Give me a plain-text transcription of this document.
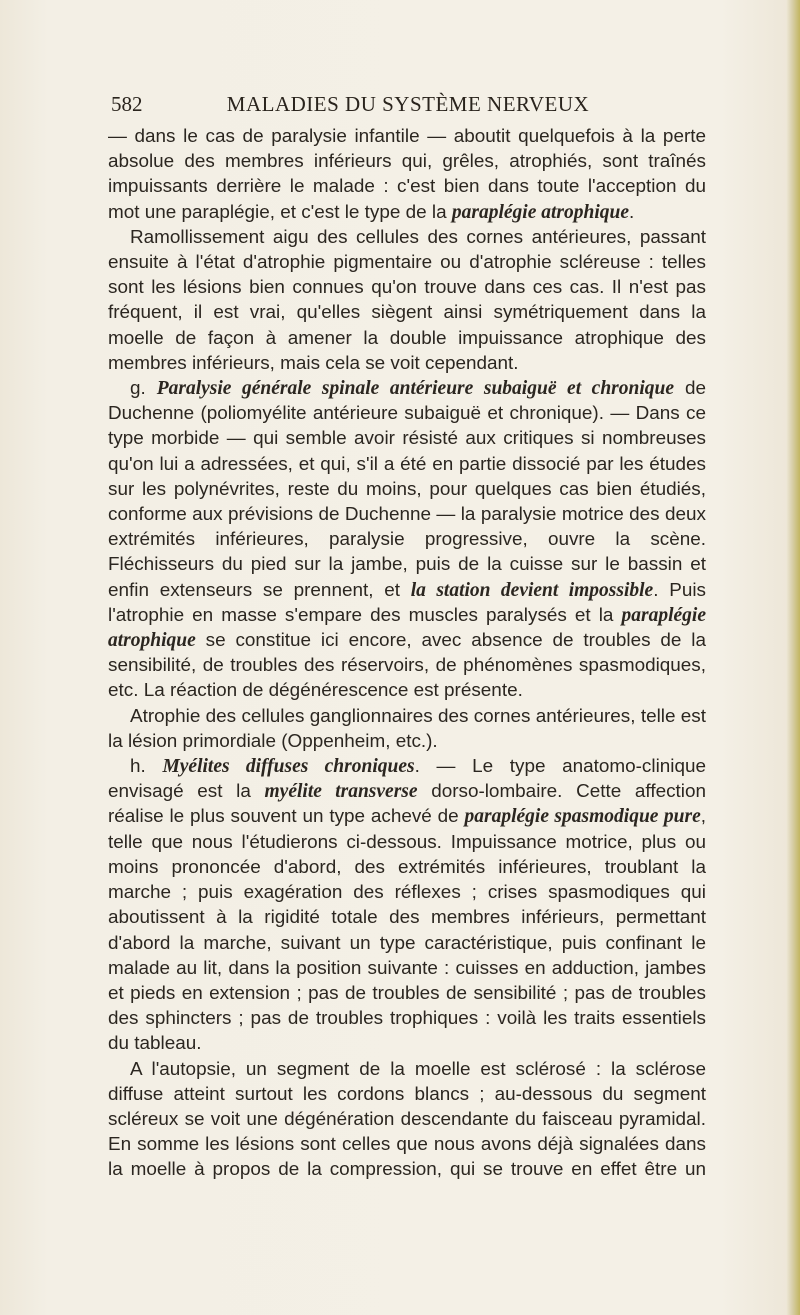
MALADIES DU SYSTÈME NERVEUX
582

— dans le cas de paralysie infantile — aboutit quelquefois à la perte absolue des membres inférieurs qui, grêles, atrophiés, sont traînés impuissants derrière le malade : c'est bien dans toute l'acception du mot une paraplégie, et c'est le type de la paraplégie atrophique.

Ramollissement aigu des cellules des cornes antérieures, passant ensuite à l'état d'atrophie pigmentaire ou d'atrophie scléreuse : telles sont les lésions bien connues qu'on trouve dans ces cas. Il n'est pas fréquent, il est vrai, qu'elles siègent ainsi symétriquement dans la moelle de façon à amener la double impuissance atrophique des membres inférieurs, mais cela se voit cependant.

g. Paralysie générale spinale antérieure subaiguë et chronique de Duchenne (poliomyélite antérieure subaiguë et chronique). — Dans ce type morbide — qui semble avoir résisté aux critiques si nombreuses qu'on lui a adressées, et qui, s'il a été en partie dissocié par les études sur les polynévrites, reste du moins, pour quelques cas bien étudiés, conforme aux prévisions de Duchenne — la paralysie motrice des deux extrémités inférieures, paralysie progressive, ouvre la scène. Fléchisseurs du pied sur la jambe, puis de la cuisse sur le bassin et enfin extenseurs se prennent, et la station devient impossible. Puis l'atrophie en masse s'empare des muscles paralysés et la paraplégie atrophique se constitue ici encore, avec absence de troubles de la sensibilité, de troubles des réservoirs, de phénomènes spasmodiques, etc. La réaction de dégénérescence est présente.

Atrophie des cellules ganglionnaires des cornes antérieures, telle est la lésion primordiale (Oppenheim, etc.).

h. Myélites diffuses chroniques. — Le type anatomo-clinique envisagé est la myélite transverse dorso-lombaire. Cette affection réalise le plus souvent un type achevé de paraplégie spasmodique pure, telle que nous l'étudierons ci-dessous. Impuissance motrice, plus ou moins prononcée d'abord, des extrémités inférieures, troublant la marche ; puis exagération des réflexes ; crises spasmodiques qui aboutissent à la rigidité totale des membres inférieurs, permettant d'abord la marche, suivant un type caractéristique, puis confinant le malade au lit, dans la position suivante : cuisses en adduction, jambes et pieds en extension ; pas de troubles de sensibilité ; pas de troubles des sphincters ; pas de troubles trophiques : voilà les traits essentiels du tableau.

A l'autopsie, un segment de la moelle est sclérosé : la sclérose diffuse atteint surtout les cordons blancs ; au-dessous du segment scléreux se voit une dégénération descendante du faisceau pyramidal. En somme les lésions sont celles que nous avons déjà signalées dans la moelle à propos de la compression, qui se trouve en effet être un
